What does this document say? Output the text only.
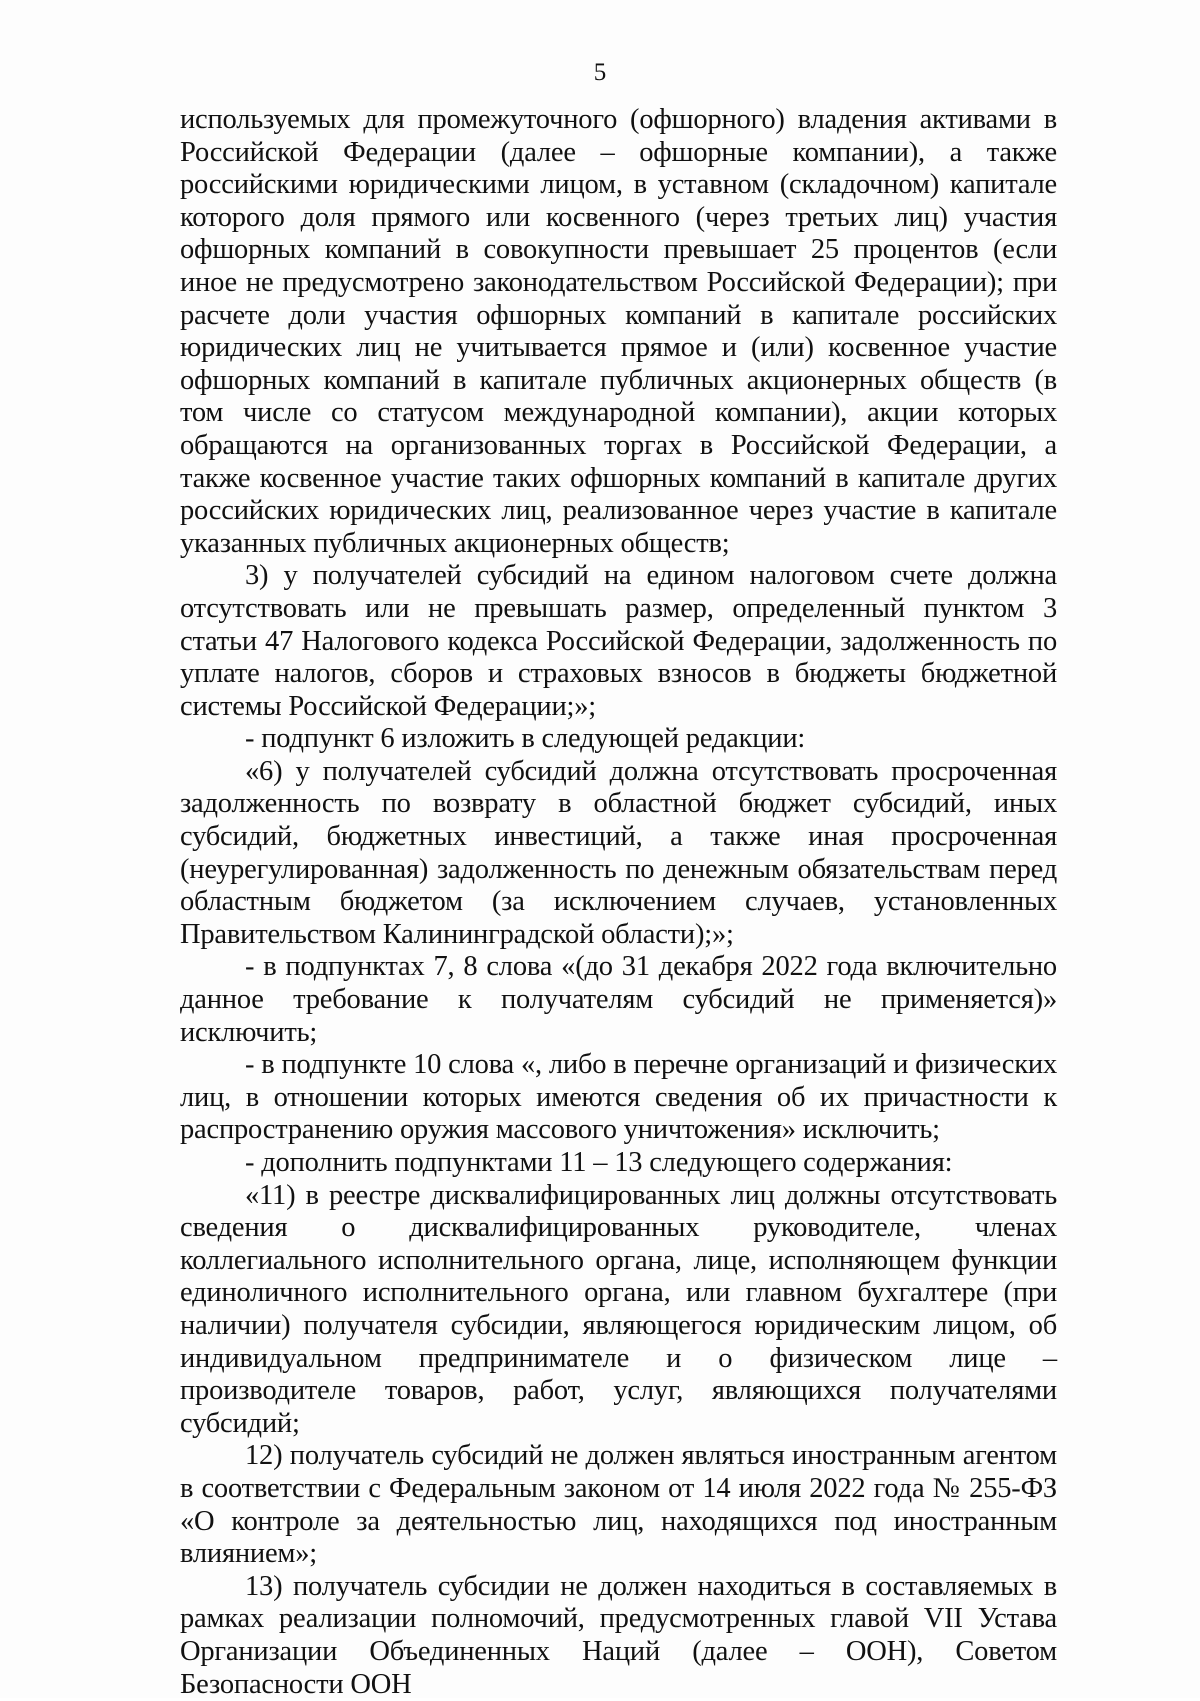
5

используемых для промежуточного (офшорного) владения активами в Российской Федерации (далее – офшорные компании), а также российскими юридическими лицом, в уставном (складочном) капитале которого доля прямого или косвенного (через третьих лиц) участия офшорных компаний в совокупности превышает 25 процентов (если иное не предусмотрено законодательством Российской Федерации); при расчете доли участия офшорных компаний в капитале российских юридических лиц не учитывается прямое и (или) косвенное участие офшорных компаний в капитале публичных акционерных обществ (в том числе со статусом международной компании), акции которых обращаются на организованных торгах в Российской Федерации, а также косвенное участие таких офшорных компаний в капитале других российских юридических лиц, реализованное через участие в капитале указанных публичных акционерных обществ;

3) у получателей субсидий на едином налоговом счете должна отсутствовать или не превышать размер, определенный пунктом 3 статьи 47 Налогового кодекса Российской Федерации, задолженность по уплате налогов, сборов и страховых взносов в бюджеты бюджетной системы Российской Федерации;»;

- подпункт 6 изложить в следующей редакции:

«6) у получателей субсидий должна отсутствовать просроченная задолженность по возврату в областной бюджет субсидий, иных субсидий, бюджетных инвестиций, а также иная просроченная (неурегулированная) задолженность по денежным обязательствам перед областным бюджетом (за исключением случаев, установленных Правительством Калининградской области);»;

- в подпунктах 7, 8 слова «(до 31 декабря 2022 года включительно данное требование к получателям субсидий не применяется)» исключить;

- в подпункте 10 слова «, либо в перечне организаций и физических лиц, в отношении которых имеются сведения об их причастности к распространению оружия массового уничтожения» исключить;

- дополнить подпунктами 11 – 13 следующего содержания:

«11) в реестре дисквалифицированных лиц должны отсутствовать сведения о дисквалифицированных руководителе, членах коллегиального исполнительного органа, лице, исполняющем функции единоличного исполнительного органа, или главном бухгалтере (при наличии) получателя субсидии, являющегося юридическим лицом, об индивидуальном предпринимателе и о физическом лице – производителе товаров, работ, услуг, являющихся получателями субсидий;

12) получатель субсидий не должен являться иностранным агентом в соответствии с Федеральным законом от 14 июля 2022 года № 255-ФЗ «О контроле за деятельностью лиц, находящихся под иностранным влиянием»;

13) получатель субсидии не должен находиться в составляемых в рамках реализации полномочий, предусмотренных главой VII Устава Организации Объединенных Наций (далее – ООН), Советом Безопасности ООН
